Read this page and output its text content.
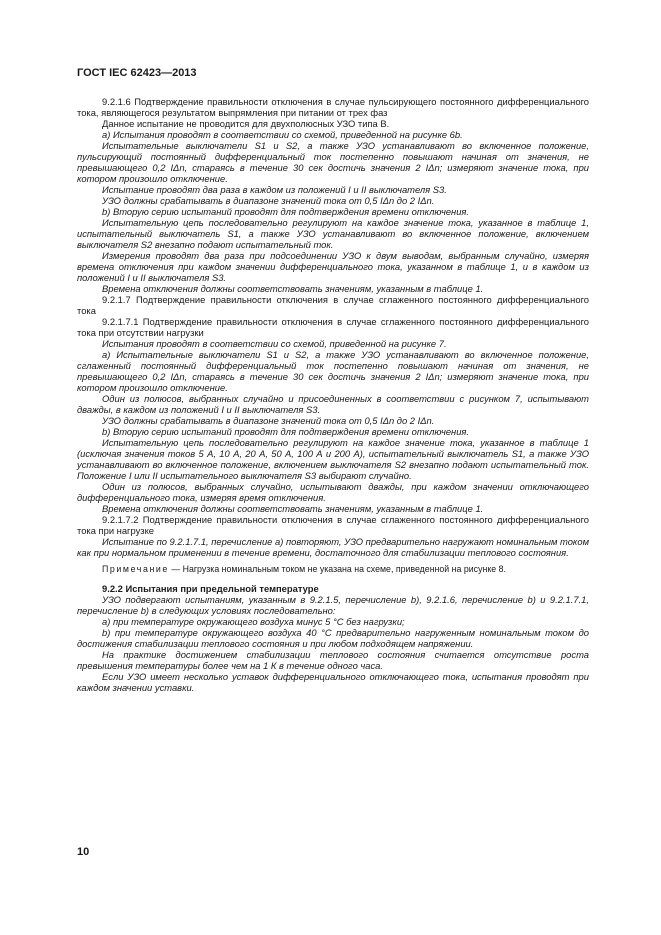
ГОСТ IEC 62423—2013

9.2.1.6 Подтверждение правильности отключения в случае пульсирующего постоянного дифференциального тока, являющегося результатом выпрямления при питании от трех фаз

Данное испытание не проводится для двухполюсных УЗО типа В.

a) Испытания проводят в соответствии со схемой, приведенной на рисунке 6b.

Испытательные выключатели S1 и S2, а также УЗО устанавливают во включенное положение, пульсирующий постоянный дифференциальный ток постепенно повышают начиная от значения, не превышающего 0,2 IΔn, стараясь в течение 30 сек достичь значения 2 IΔn; измеряют значение тока, при котором произошло отключение.

Испытание проводят два раза в каждом из положений I и II выключателя S3.

УЗО должны срабатывать в диапазоне значений тока от 0,5 IΔn до 2 IΔn.

b) Вторую серию испытаний проводят для подтверждения времени отключения.

Испытательную цепь последовательно регулируют на каждое значение тока, указанное в таблице 1, испытательный выключатель S1, а также УЗО устанавливают во включенное положение, включением выключателя S2 внезапно подают испытательный ток.

Измерения проводят два раза при подсоединении УЗО к двум выводам, выбранным случайно, измеряя времена отключения при каждом значении дифференциального тока, указанном в таблице 1, и в каждом из положений I и II выключателя S3.

Времена отключения должны соответствовать значениям, указанным в таблице 1.

9.2.1.7 Подтверждение правильности отключения в случае сглаженного постоянного дифференциального тока

9.2.1.7.1 Подтверждение правильности отключения в случае сглаженного постоянного дифференциального тока при отсутствии нагрузки

Испытания проводят в соответствии со схемой, приведенной на рисунке 7.

a) Испытательные выключатели S1 и S2, а также УЗО устанавливают во включенное положение, сглаженный постоянный дифференциальный ток постепенно повышают начиная от значения, не превышающего 0,2 IΔn, стараясь в течение 30 сек достичь значения 2 IΔn; измеряют значение тока, при котором произошло отключение.

Один из полюсов, выбранных случайно и присоединенных в соответствии с рисунком 7, испытывают дважды, в каждом из положений I и II выключателя S3.

УЗО должны срабатывать в диапазоне значений тока от 0,5 IΔn до 2 IΔn.

b) Вторую серию испытаний проводят для подтверждения времени отключения.

Испытательную цепь последовательно регулируют на каждое значение тока, указанное в таблице 1 (исключая значения токов 5 А, 10 А, 20 А, 50 А, 100 А и 200 А), испытательный выключатель S1, а также УЗО устанавливают во включенное положение, включением выключателя S2 внезапно подают испытательный ток. Положение I или II испытательного выключателя S3 выбирают случайно.

Один из полюсов, выбранных случайно, испытывают дважды, при каждом значении отключающего дифференциального тока, измеряя время отключения.

Времена отключения должны соответствовать значениям, указанным в таблице 1.

9.2.1.7.2 Подтверждение правильности отключения в случае сглаженного постоянного дифференциального тока при нагрузке

Испытание по 9.2.1.7.1, перечисление a) повторяют, УЗО предварительно нагружают номинальным током как при нормальном применении в течение времени, достаточного для стабилизации теплового состояния.

Примечание — Нагрузка номинальным током не указана на схеме, приведенной на рисунке 8.

9.2.2 Испытания при предельной температуре

УЗО подвергают испытаниям, указанным в 9.2.1.5, перечисление b), 9.2.1.6, перечисление b) и 9.2.1.7.1, перечисление b) в следующих условиях последовательно:

a) при температуре окружающего воздуха минус 5 °С без нагрузки;

b) при температуре окружающего воздуха 40 °С предварительно нагруженным номинальным током до достижения стабилизации теплового состояния и при любом подходящем напряжении.

На практике достижением стабилизации теплового состояния считается отсутствие роста превышения температуры более чем на 1 К в течение одного часа.

Если УЗО имеет несколько уставок дифференциального отключающего тока, испытания проводят при каждом значении уставки.

10
